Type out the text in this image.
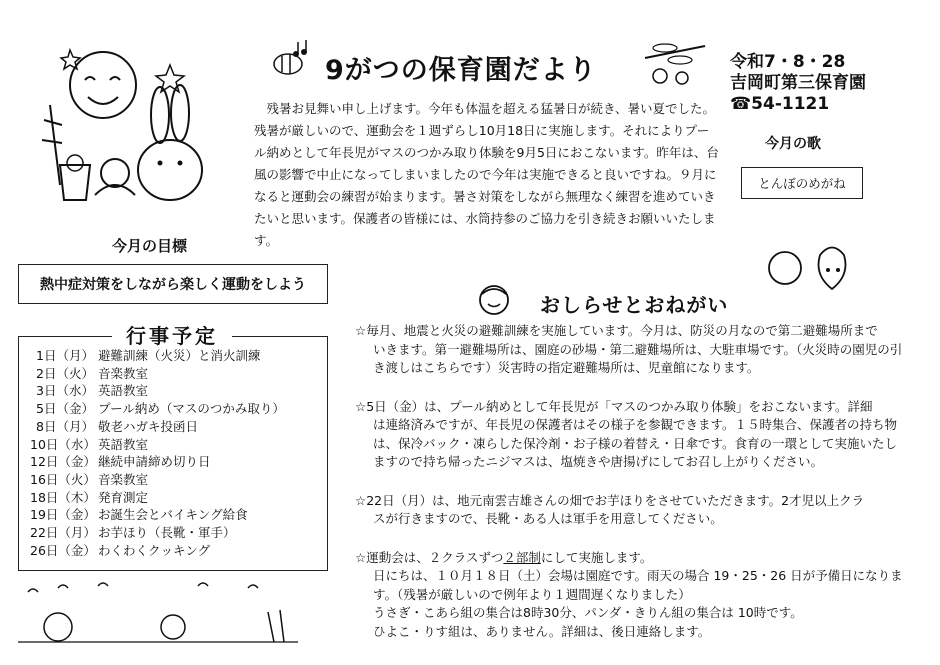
9がつの保育園だより	令和7・8・28
吉岡町第三保育園
☎54-1121
残暑お見舞い申し上げます。今年も体温を超える猛暑日が続き、暑い夏でした。残暑が厳しいので、運動会を１週ずらし10月18日に実施します。それによりプール納めとして年長児がマスのつかみ取り体験を9月5日におこないます。昨年は、台風の影響で中止になってしまいましたので今年は実施できると良いですね。９月になると運動会の練習が始まります。暑さ対策をしながら無理なく練習を進めていきたいと思います。保護者の皆様には、水筒持参のご協力を引き続きお願いいたします。
今月の歌
とんぼのめがね
今月の目標
熱中症対策をしながら楽しく運動をしよう
行事予定
1日（月） 避難訓練（火災）と消火訓練
2日（火） 音楽教室
3日（水） 英語教室
5日（金） プール納め（マスのつかみ取り）
8日（月） 敬老ハガキ投函日
10日（水） 英語教室
12日（金） 継続申請締め切り日
16日（火） 音楽教室
18日（木） 発育測定
19日（金） お誕生会とバイキング給食
22日（月） お芋ほり（長靴・軍手）
26日（金） わくわくクッキング
おしらせとおねがい

☆毎月、地震と火災の避難訓練を実施しています。今月は、防災の月なので第二避難場所まで
いきます。第一避難場所は、園庭の砂場・第二避難場所は、大駐車場です。（火災時の園児の引き渡しはこちらです）災害時の指定避難場所は、児童館になります。

☆5日（金）は、プール納めとして年長児が「マスのつかみ取り体験」をおこないます。詳細
は連絡済みですが、年長児の保護者はその様子を参観できます。１５時集合、保護者の持ち物は、保冷バック・凍らした保冷剤・お子様の着替え・日傘です。食育の一環として実施いたしますので持ち帰ったニジマスは、塩焼きや唐揚げにしてお召し上がりください。

☆22日（月）は、地元南雲吉雄さんの畑でお芋ほりをさせていただきます。2才児以上クラ
スが行きますので、長靴・ある人は軍手を用意してください。

☆運動会は、２クラスずつ２部制にして実施します。
日にちは、１０月１８日（土）会場は園庭です。雨天の場合 19・25・26 日が予備日になります。（残暑が厳しいので例年より１週間遅くなりました）
うさぎ・こあら組の集合は8時30分、パンダ・きりん組の集合は 10時です。
ひよこ・りす組は、ありません。詳細は、後日連絡します。
